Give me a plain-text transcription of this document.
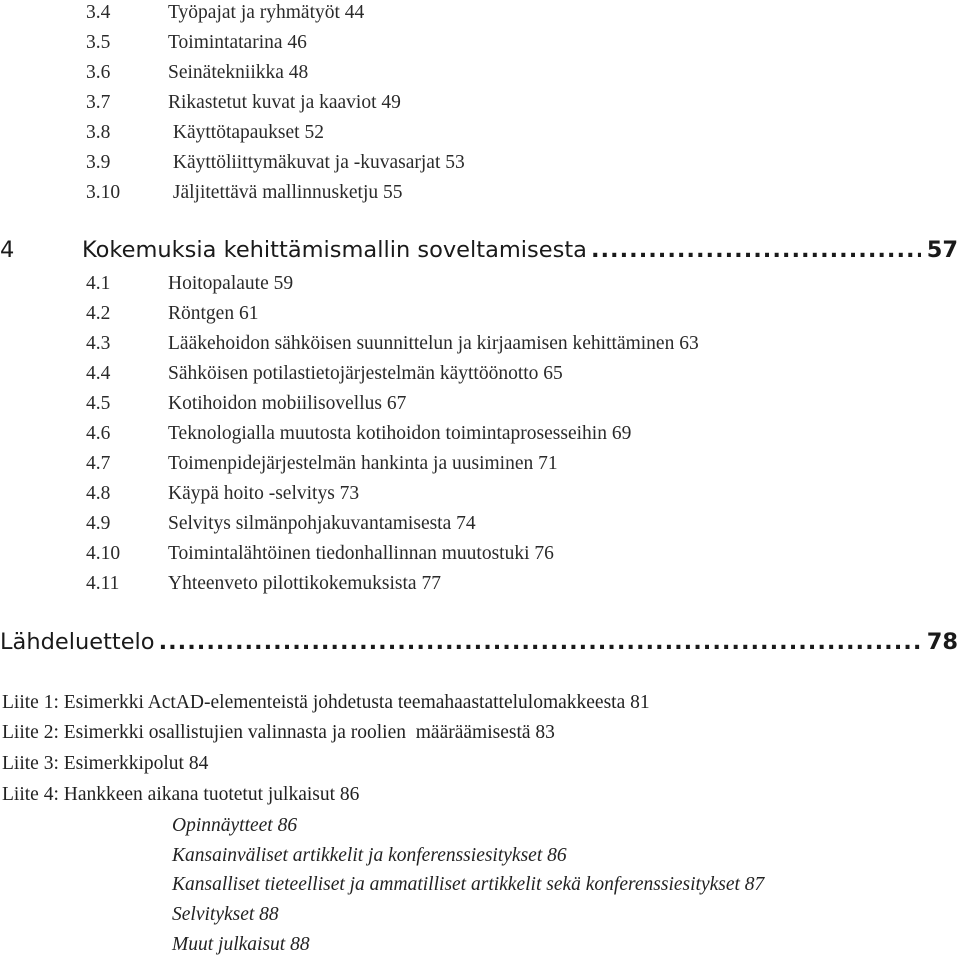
3.4	Työpajat ja ryhmätyöt 44
3.5	Toimintatarina 46
3.6	Seinätekniikka 48
3.7	Rikastetut kuvat ja kaaviot 49
3.8	Käyttötapaukset 52
3.9	Käyttöliittymäkuvat ja -kuvasarjat 53
3.10 Jäljitettävä mallinnusketju 55
4	Kokemuksia kehittämismallin soveltamisesta .....	57
4.1	Hoitopalaute 59
4.2	Röntgen 61
4.3	Lääkehoidon sähköisen suunnittelun ja kirjaamisen kehittäminen 63
4.4	Sähköisen potilastietojärjestelmän käyttöönotto 65
4.5	Kotihoidon mobiilisovellus 67
4.6	Teknologialla muutosta kotihoidon toimintaprosesseihin 69
4.7	Toimenpidejärjestelmän hankinta ja uusiminen 71
4.8	Käypä hoito -selvitys 73
4.9	Selvitys silmänpohjakuvantamisesta 74
4.10 Toimintalähtöinen tiedonhallinnan muutostuki 76
4.11 Yhteenveto pilottikokemuksista 77
Lähdeluettelo .....	78
Liite 1: Esimerkki ActAD-elementeistä johdetusta teemahaastattelulomakkeesta 81
Liite 2: Esimerkki osallistujien valinnasta ja roolien  määräämisestä 83
Liite 3: Esimerkkipolut 84
Liite 4: Hankkeen aikana tuotetut julkaisut 86
Opinnäytteet 86
Kansainväliset artikkelit ja konferenssiesitykset 86
Kansalliset tieteelliset ja ammatilliset artikkelit sekä konferenssiesitykset 87
Selvitykset 88
Muut julkaisut 88
